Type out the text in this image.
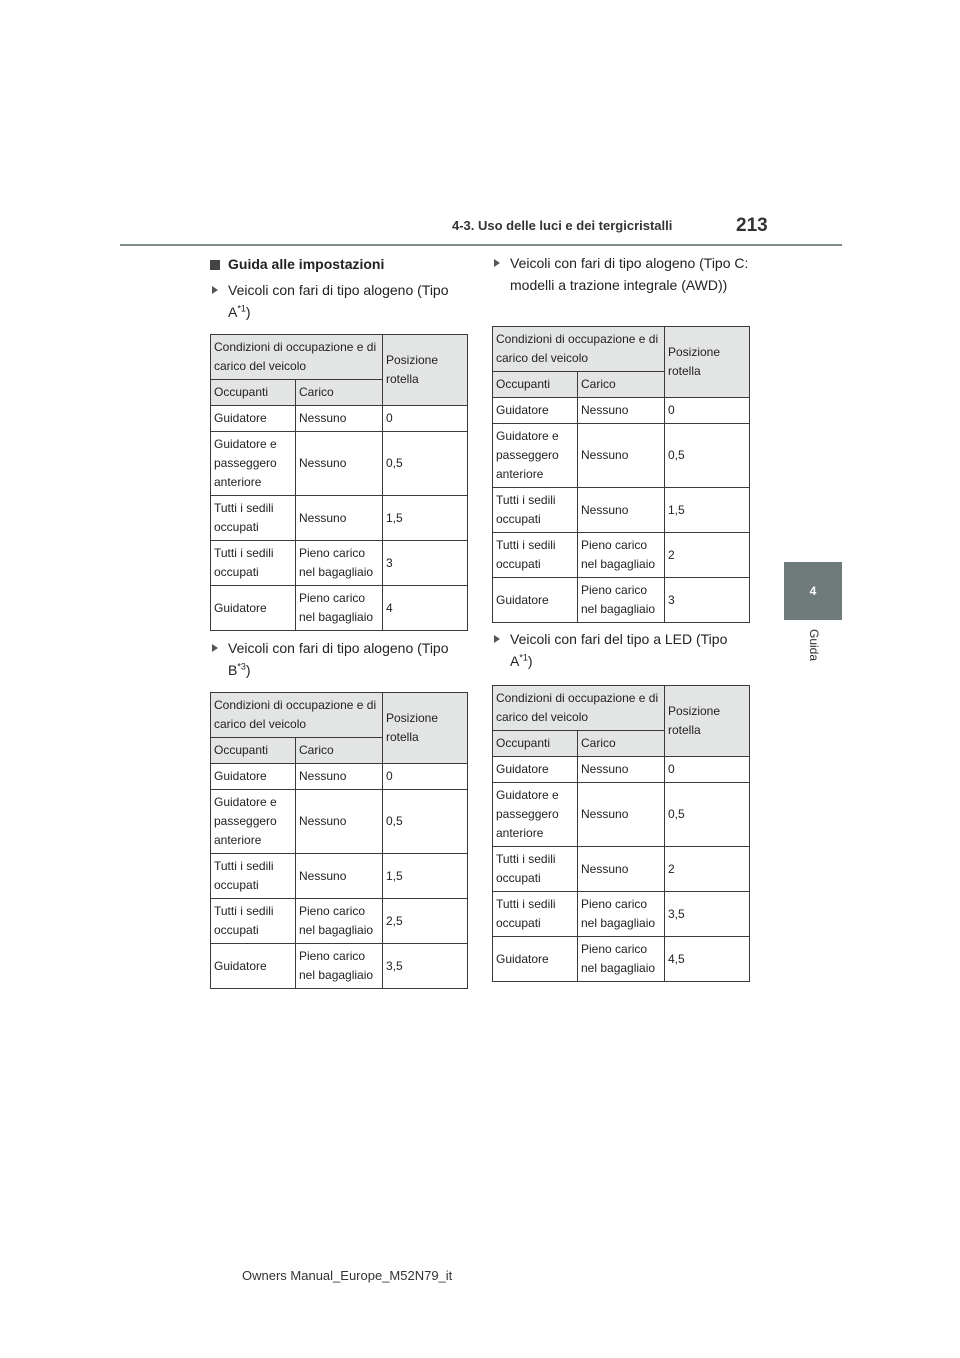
4-3. Uso delle luci e dei tergicristalli	213
4
Guida
Guida alle impostazioni
Veicoli con fari di tipo alogeno (Tipo $A^{*1}$)
Condizioni di occupazione e di carico del veicolo		Posizione rotella
Occupanti	Carico	
Guidatore	Nessuno	0
Guidatore e passeggero anteriore	Nessuno	0,5
Tutti i sedili occupati	Nessuno	1,5
Tutti i sedili occupati	Pieno carico nel bagagliaio	3
Guidatore	Pieno carico nel bagagliaio	4
Veicoli con fari di tipo alogeno (Tipo $B^{*3}$)
Condizioni di occupazione e di carico del veicolo		Posizione rotella
Occupanti	Carico	
Guidatore	Nessuno	0
Guidatore e passeggero anteriore	Nessuno	0,5
Tutti i sedili occupati	Nessuno	1,5
Tutti i sedili occupati	Pieno carico nel bagagliaio	2,5
Guidatore	Pieno carico nel bagagliaio	3,5
Veicoli con fari di tipo alogeno (Tipo C: modelli a trazione integrale (AWD))
Condizioni di occupazione e di carico del veicolo		Posizione rotella
Occupanti	Carico	
Guidatore	Nessuno	0
Guidatore e passeggero anteriore	Nessuno	0,5
Tutti i sedili occupati	Nessuno	1,5
Tutti i sedili occupati	Pieno carico nel bagagliaio	2
Guidatore	Pieno carico nel bagagliaio	3
Veicoli con fari del tipo a LED (Tipo $A^{*1}$)
Condizioni di occupazione e di carico del veicolo		Posizione rotella
Occupanti	Carico	
Guidatore	Nessuno	0
Guidatore e passeggero anteriore	Nessuno	0,5
Tutti i sedili occupati	Nessuno	2
Tutti i sedili occupati	Pieno carico nel bagagliaio	3,5
Guidatore	Pieno carico nel bagagliaio	4,5
Owners Manual_Europe_M52N79_it
